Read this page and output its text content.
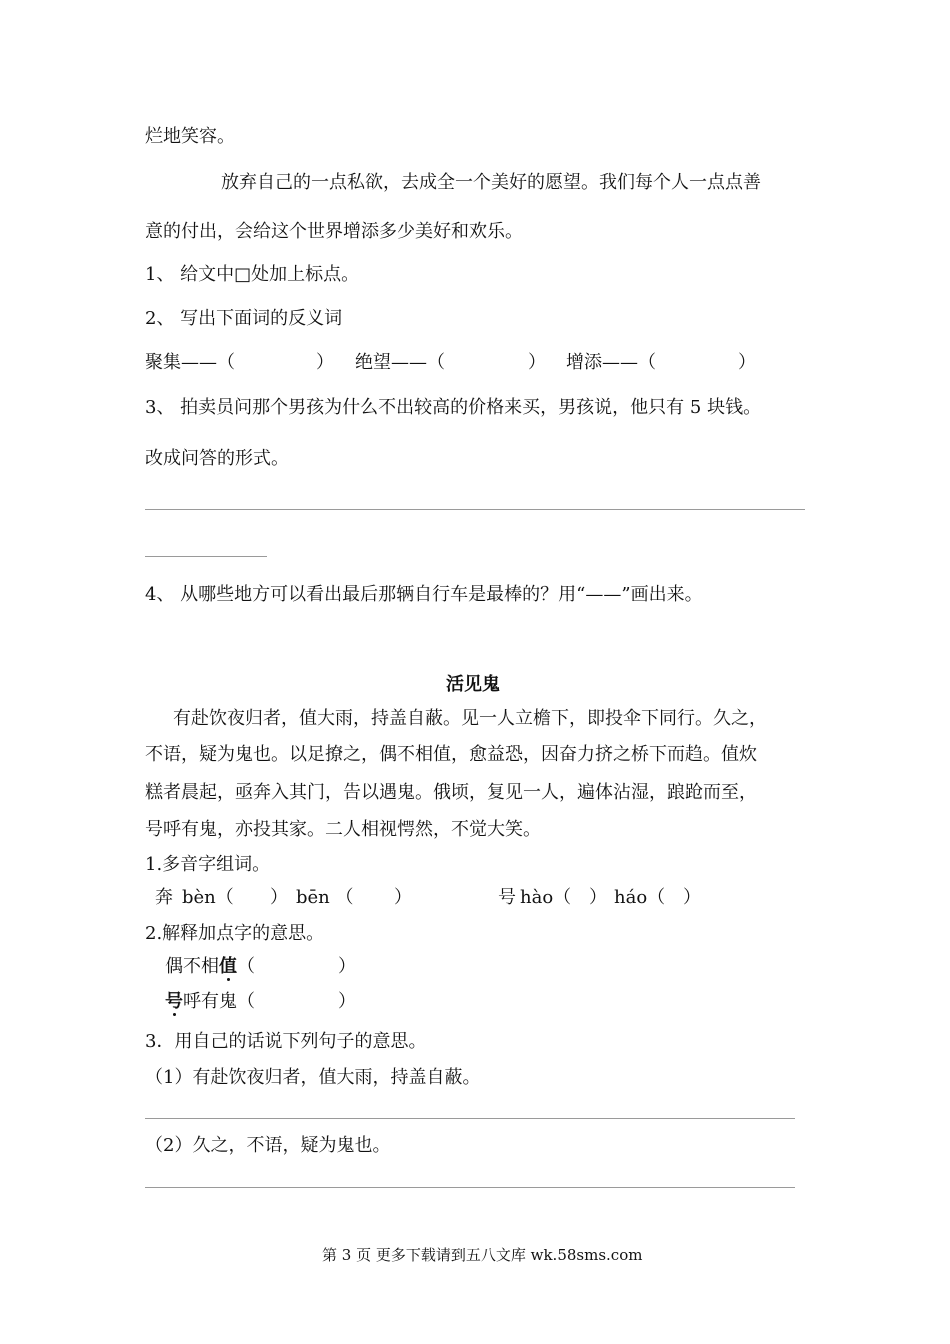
烂地笑容。
放弃自己的一点私欲，去成全一个美好的愿望。我们每个人一点点善
意的付出，会给这个世界增添多少美好和欢乐。
1、 给文中□处加上标点。
2、 写出下面词的反义词
聚集——（	） 绝望——（	） 增添——（	）
3、 拍卖员问那个男孩为什么不出较高的价格来买，男孩说，他只有 5 块钱。
改成问答的形式。
4、 从哪些地方可以看出最后那辆自行车是最棒的？用“——”画出来。
活见鬼
有赴饮夜归者，值大雨，持盖自蔽。见一人立檐下，即投伞下同行。久之，
不语，疑为鬼也。以足撩之，偶不相值，愈益恐，因奋力挤之桥下而趋。值炊
糕者晨起，亟奔入其门，告以遇鬼。俄顷，复见一人，遍体沾湿，踉跄而至，
号呼有鬼，亦投其家。二人相视愕然，不觉大笑。
1.多音字组词。
奔 bèn（ ） bēn （ ）	号 hào（ ） háo（ ）
2.解释加点字的意思。
偶不相值（	）
号呼有鬼（	）
3．用自己的话说下列句子的意思。
（1）有赴饮夜归者，值大雨，持盖自蔽。
（2）久之，不语，疑为鬼也。
第 3 页 更多下载请到五八文库 wk.58sms.com
